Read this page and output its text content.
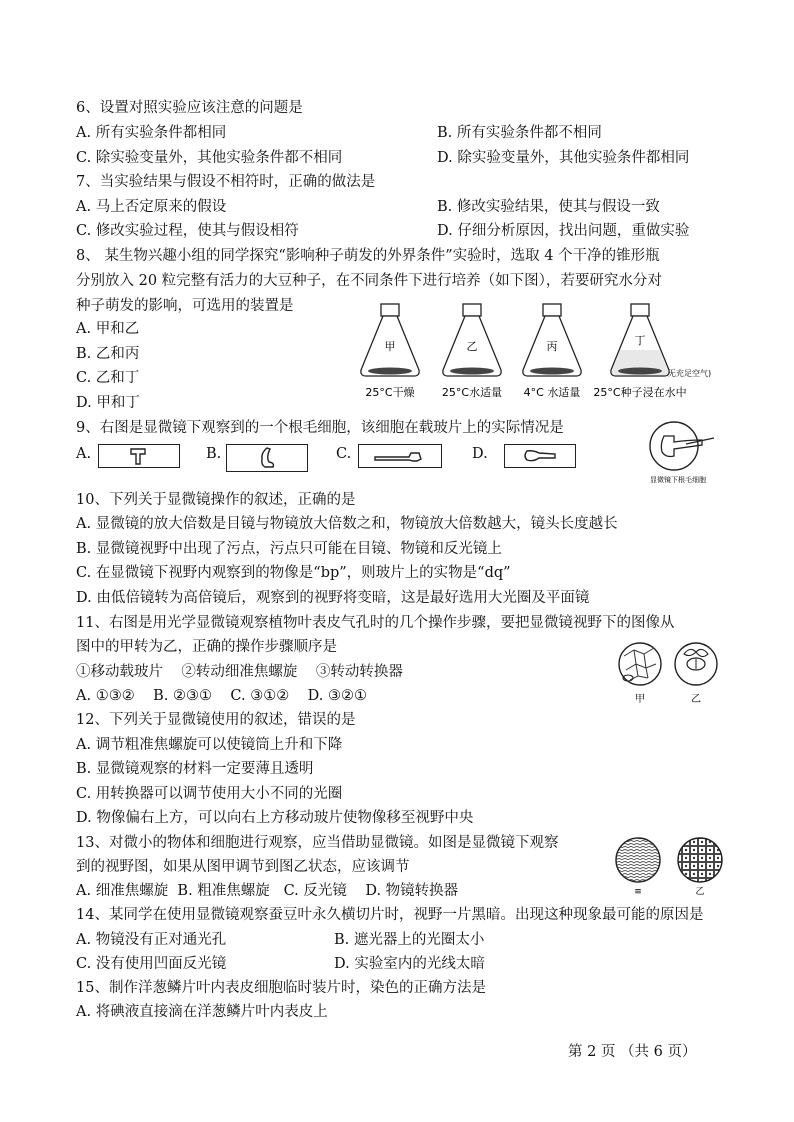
6、设置对照实验应该注意的问题是
A. 所有实验条件都相同	B. 所有实验条件都不相同
C. 除实验变量外，其他实验条件都不相同	D. 除实验变量外，其他实验条件都相同
7、当实验结果与假设不相符时，正确的做法是
A. 马上否定原来的假设	B. 修改实验结果，使其与假设一致
C. 修改实验过程，使其与假设相符	D. 仔细分析原因，找出问题，重做实验
8、 某生物兴趣小组的同学探究“影响种子萌发的外界条件”实验时，选取 4 个干净的锥形瓶
分别放入 20 粒完整有活力的大豆种子，在不同条件下进行培养（如下图），若要研究水分对
种子萌发的影响，可选用的装置是
A. 甲和乙
B. 乙和丙
C. 乙和丁
D. 甲和丁
甲
25°C干燥
乙
25°C水适量
丙
4°C 水适量
丁
25°C种子浸在水中
无充足空气)
9、右图是显微镜下观察到的一个根毛细胞，该细胞在载玻片上的实际情况是
A.	B.	C.	D.
显微镜下根毛细胞
10、下列关于显微镜操作的叙述，正确的是
A. 显微镜的放大倍数是目镜与物镜放大倍数之和，物镜放大倍数越大，镜头长度越长
B. 显微镜视野中出现了污点，污点只可能在目镜、物镜和反光镜上
C. 在显微镜下视野内观察到的物像是“bp”，则玻片上的实物是“dq”
D. 由低倍镜转为高倍镜后，观察到的视野将变暗，这是最好选用大光圈及平面镜
11、右图是用光学显微镜观察植物叶表皮气孔时的几个操作步骤，要把显微镜视野下的图像从
图中的甲转为乙，正确的操作步骤顺序是
①移动载玻片    ②转动细准焦螺旋    ③转动转换器
A. ①③②    B. ②③①    C. ③①②    D. ③②①	甲	乙
12、下列关于显微镜使用的叙述，错误的是
A. 调节粗准焦螺旋可以使镜筒上升和下降
B. 显微镜观察的材料一定要薄且透明
C. 用转换器可以调节使用大小不同的光圈
D. 物像偏右上方，可以向右上方移动玻片使物像移至视野中央
13、对微小的物体和细胞进行观察，应当借助显微镜。如图是显微镜下观察
到的视野图，如果从图甲调节到图乙状态，应该调节
A. 细准焦螺旋  B. 粗准焦螺旋   C. 反光镜    D. 物镜转换器	≡	乙
14、某同学在使用显微镜观察蚕豆叶永久横切片时，视野一片黑暗。出现这种现象最可能的原因是
A. 物镜没有正对通光孔	B. 遮光器上的光圈太小
C. 没有使用凹面反光镜	D. 实验室内的光线太暗
15、制作洋葱鳞片叶内表皮细胞临时装片时，染色的正确方法是
A. 将碘液直接滴在洋葱鳞片叶内表皮上
第 2 页 （共 6 页）
